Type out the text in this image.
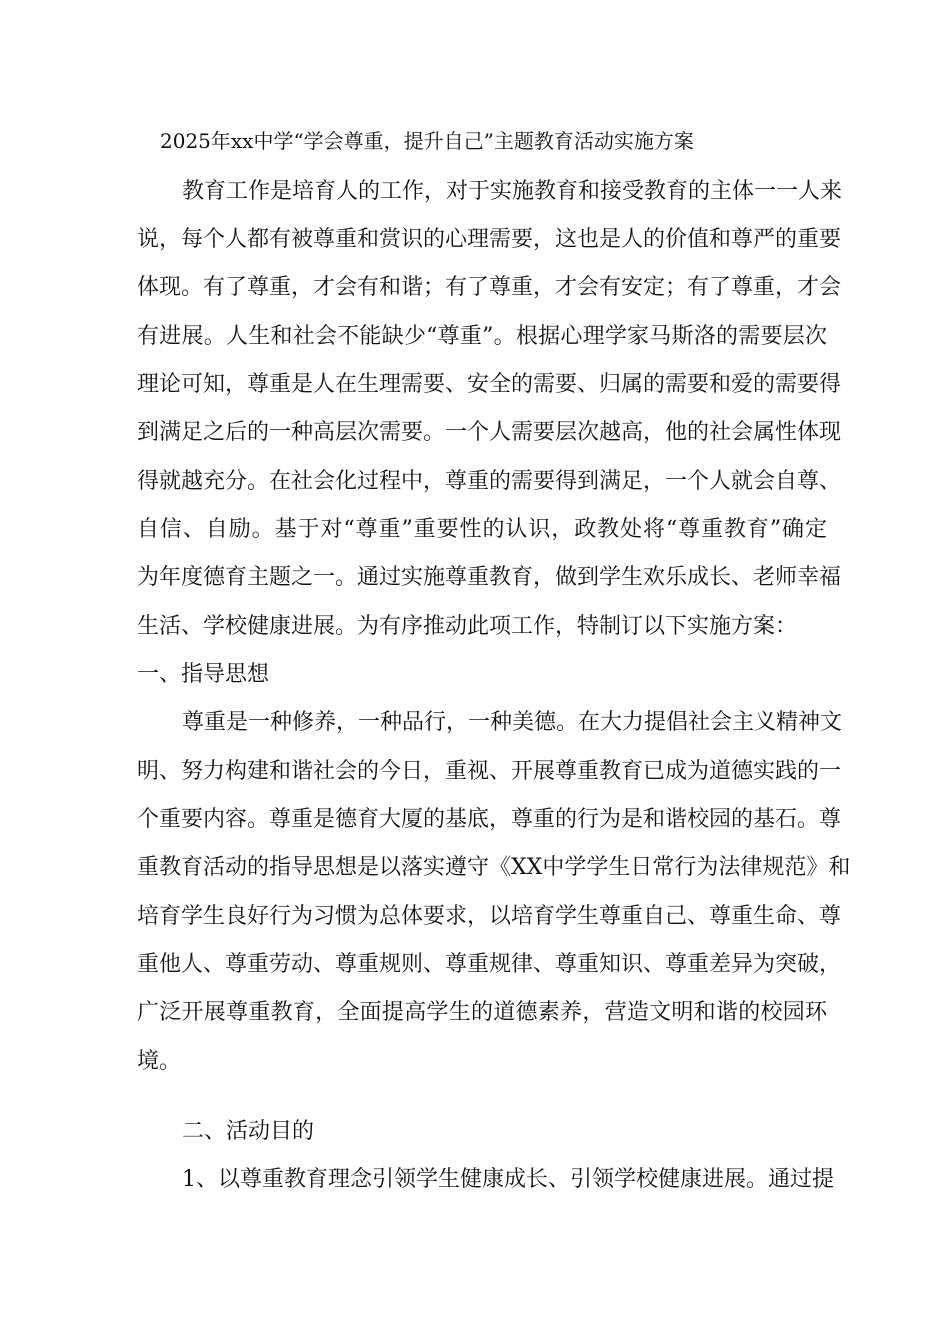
2025年xx中学“学会尊重，提升自己”主题教育活动实施方案
教育工作是培育人的工作，对于实施教育和接受教育的主体一一人来
说，每个人都有被尊重和赏识的心理需要，这也是人的价值和尊严的重要
体现。有了尊重，才会有和谐；有了尊重，才会有安定；有了尊重，才会
有进展。人生和社会不能缺少“尊重”。根据心理学家马斯洛的需要层次
理论可知，尊重是人在生理需要、安全的需要、归属的需要和爱的需要得
到满足之后的一种高层次需要。一个人需要层次越高，他的社会属性体现
得就越充分。在社会化过程中，尊重的需要得到满足，一个人就会自尊、
自信、自励。基于对“尊重”重要性的认识，政教处将“尊重教育”确定
为年度德育主题之一。通过实施尊重教育，做到学生欢乐成长、老师幸福
生活、学校健康进展。为有序推动此项工作，特制订以下实施方案：
一、指导思想
尊重是一种修养，一种品行，一种美德。在大力提倡社会主义精神文
明、努力构建和谐社会的今日，重视、开展尊重教育已成为道德实践的一
个重要内容。尊重是德育大厦的基底，尊重的行为是和谐校园的基石。尊
重教育活动的指导思想是以落实遵守《XX中学学生日常行为法律规范》和
培育学生良好行为习惯为总体要求，以培育学生尊重自己、尊重生命、尊
重他人、尊重劳动、尊重规则、尊重规律、尊重知识、尊重差异为突破，
广泛开展尊重教育，全面提高学生的道德素养，营造文明和谐的校园环
境。
二、活动目的
1、以尊重教育理念引领学生健康成长、引领学校健康进展。通过提
